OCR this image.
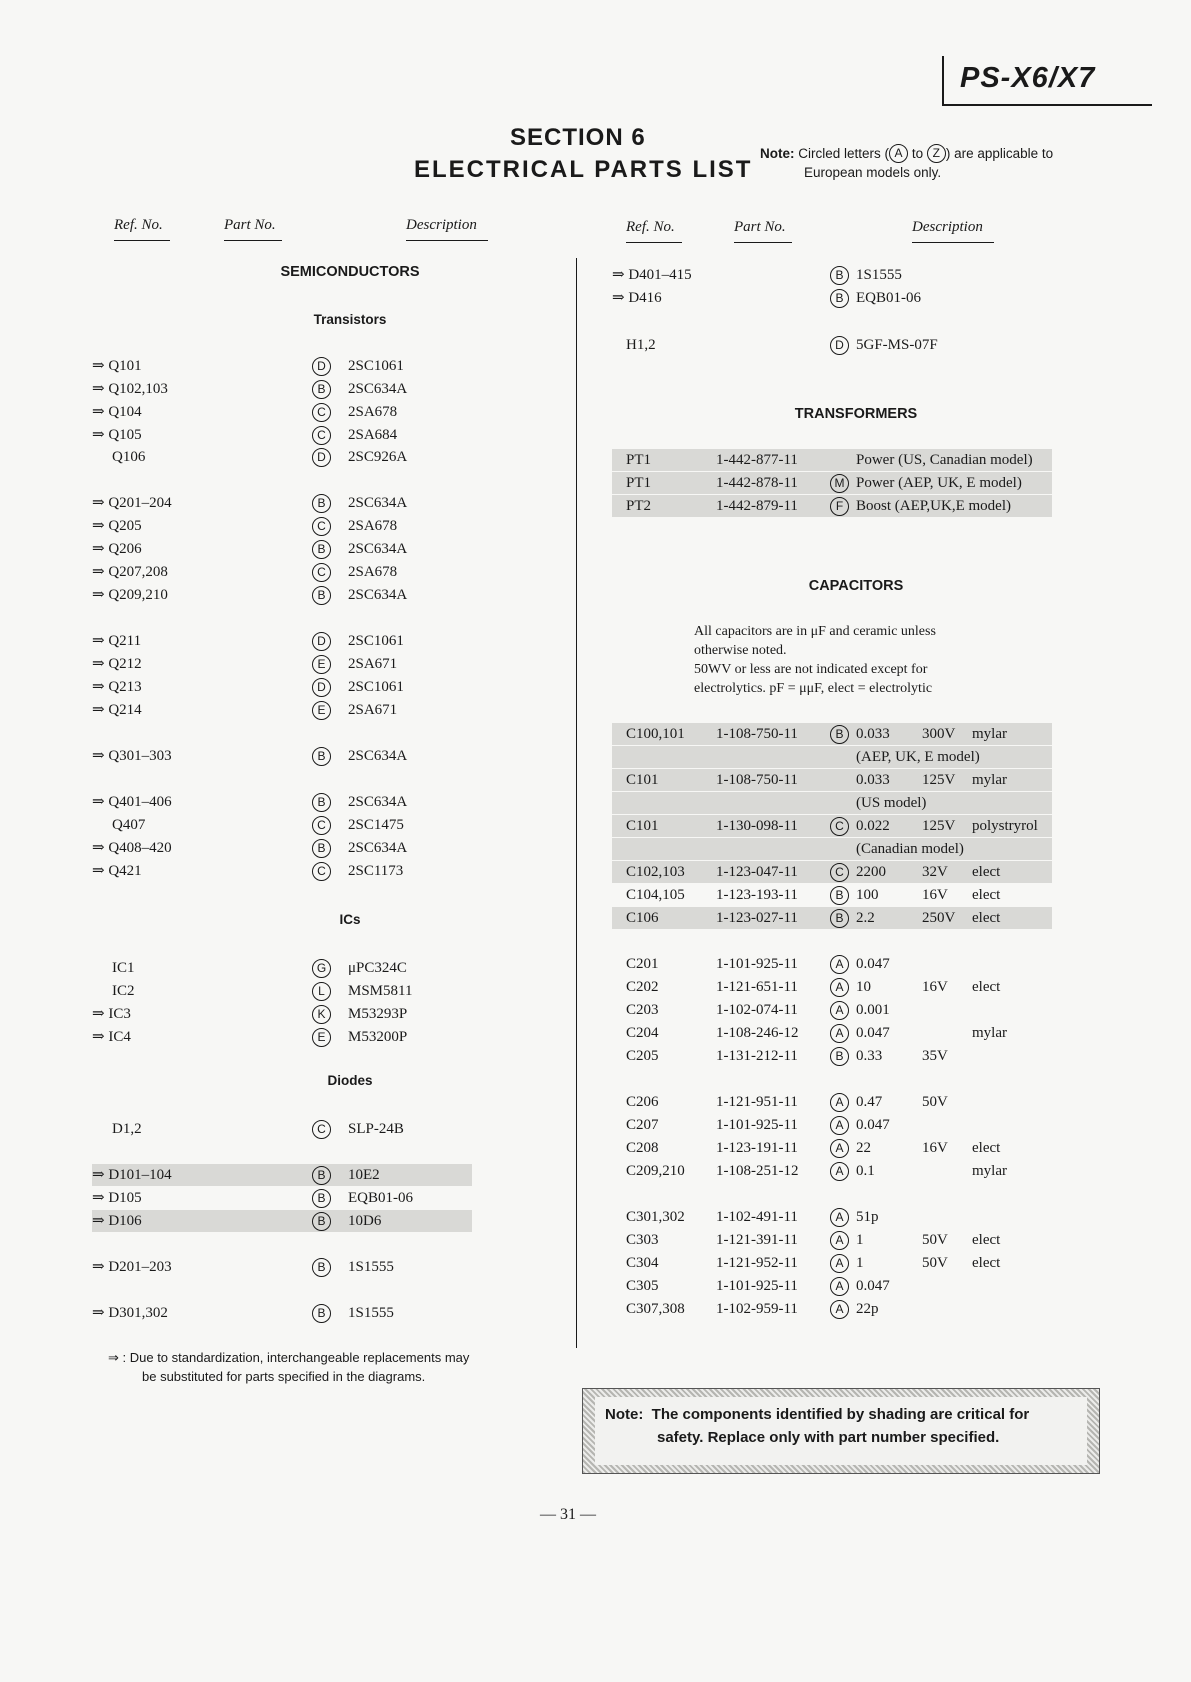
PS-X6/X7
SECTION 6
ELECTRICAL PARTS LIST
Note: Circled letters ( A to Z ) are applicable to
European models only.
Ref. No.	Part No.	Description	Ref. No.	Part No.	Description
SEMICONDUCTORS
Transistors
ICs
Diodes
⇒ Q101	D	2SC1061
⇒ Q102,103	B	2SC634A
⇒ Q104	C	2SA678
⇒ Q105	C	2SA684
Q106	D	2SC926A
⇒ Q201–204	B	2SC634A
⇒ Q205	C	2SA678
⇒ Q206	B	2SC634A
⇒ Q207,208	C	2SA678
⇒ Q209,210	B	2SC634A
⇒ Q211	D	2SC1061
⇒ Q212	E	2SA671
⇒ Q213	D	2SC1061
⇒ Q214	E	2SA671
⇒ Q301–303	B	2SC634A
⇒ Q401–406	B	2SC634A
Q407	C	2SC1475
⇒ Q408–420	B	2SC634A
⇒ Q421	C	2SC1173
IC1	G	μPC324C
IC2	L	MSM5811
⇒ IC3	K	M53293P
⇒ IC4	E	M53200P
D1,2	C	SLP-24B
⇒ D101–104	B	10E2
⇒ D105	B	EQB01-06
⇒ D106	B	10D6
⇒ D201–203	B	1S1555
⇒ D301,302	B	1S1555
TRANSFORMERS
CAPACITORS
All capacitors are in μF and ceramic unless
otherwise noted.
50WV or less are not indicated except for
electrolytics. pF = μμF, elect = electrolytic
⇒ D401–415	B 1S1555
⇒ D416	B EQB01-06
H1,2	D 5GF-MS-07F
PT1	1-442-877-11	Power (US, Canadian model)
PT1	1-442-878-11	M Power (AEP, UK, E model)
PT2	1-442-879-11	F Boost (AEP,UK,E model)
C100,101 1-108-750-11	B 0.033 300V mylar
(AEP, UK, E model)
C101	1-108-750-11	0.033 125V mylar
(US model)
C101	1-130-098-11	C 0.022 125V polystryrol
(Canadian model)
C102,103 1-123-047-11	C 2200 32V elect
C104,105 1-123-193-11	B 100	16V elect
C106	1-123-027-11	B 2.2	250V elect
C201	1-101-925-11	A 0.047
C202	1-121-651-11	A 10	16V elect
C203	1-102-074-11	A 0.001
C204	1-108-246-12	A 0.047	mylar
C205	1-131-212-11	B 0.33	35V
C206	1-121-951-11	A 0.47	50V
C207	1-101-925-11	A 0.047
C208	1-123-191-11	A 22	16V elect
C209,210 1-108-251-12	A 0.1	mylar
C301,302 1-102-491-11	A 51p
C303	1-121-391-11	A 1	50V elect
C304	1-121-952-11	A 1	50V elect
C305	1-101-925-11	A 0.047
C307,308 1-102-959-11	A 22p
⇒ : Due to standardization, interchangeable replacements may
be substituted for parts specified in the diagrams.
Note: The components identified by shading are critical for
safety. Replace only with part number specified.
— 31 —
